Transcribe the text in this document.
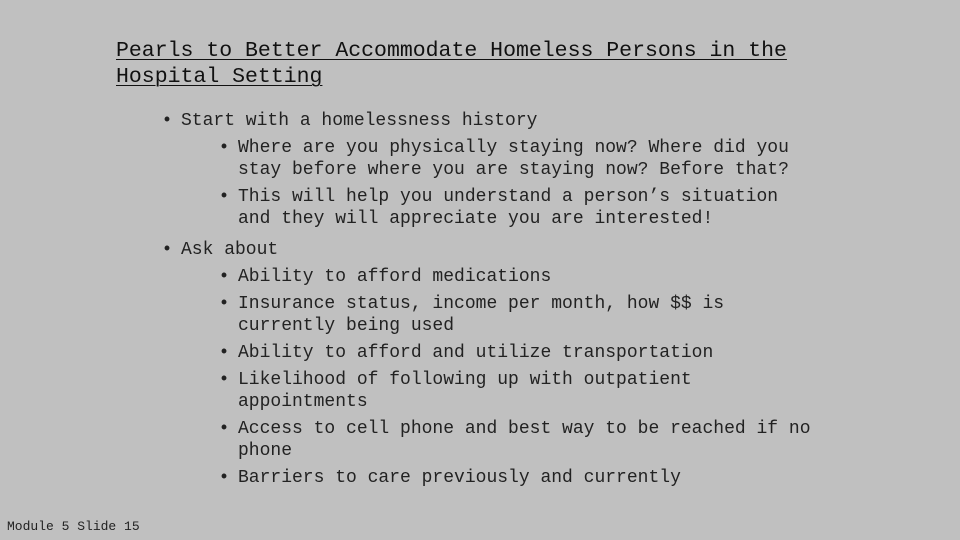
Pearls to Better Accommodate Homeless Persons in the Hospital Setting
• Start with a homelessness history
• Where are you physically staying now? Where did you stay before where you are staying now? Before that?
• This will help you understand a person’s situation and they will appreciate you are interested!
• Ask about
• Ability to afford medications
• Insurance status, income per month, how $$ is currently being used
• Ability to afford and utilize transportation
• Likelihood of following up with outpatient appointments
• Access to cell phone and best way to be reached if no phone
• Barriers to care previously and currently
Module 5 Slide 15
